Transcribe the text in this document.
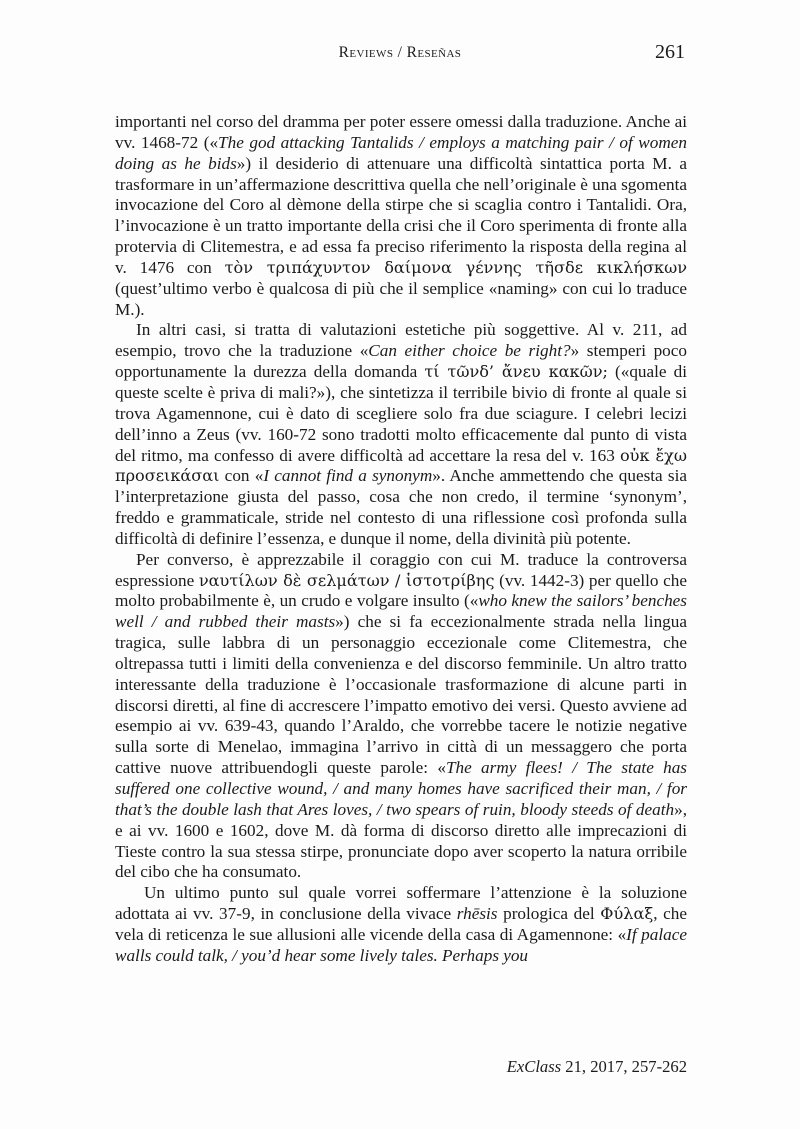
Reviews / Reseñas	261

importanti nel corso del dramma per poter essere omessi dalla traduzione. Anche ai vv. 1468-72 («The god attacking Tantalids / employs a matching pair / of women doing as he bids») il desiderio di attenuare una difficoltà sintattica porta M. a trasformare in un’affermazione descrittiva quella che nell’originale è una sgomenta invocazione del Coro al dèmone della stirpe che si scaglia contro i Tantalidi. Ora, l’invocazione è un tratto importante della crisi che il Coro sperimenta di fronte alla protervia di Clitemestra, e ad essa fa preciso riferimento la risposta della regina al v. 1476 con τὸν τριπάχυντον δαίμονα γέννης τῆσδε κικλήσκων (quest’ultimo verbo è qualcosa di più che il semplice «naming» con cui lo traduce M.).

In altri casi, si tratta di valutazioni estetiche più soggettive. Al v. 211, ad esempio, trovo che la traduzione «Can either choice be right?» stemperi poco opportunamente la durezza della domanda τί τῶνδ’ ἄνευ κακῶν; («quale di queste scelte è priva di mali?»), che sintetizza il terribile bivio di fronte al quale si trova Agamennone, cui è dato di scegliere solo fra due sciagure. I celebri lecizi dell’inno a Zeus (vv. 160-72 sono tradotti molto efficacemente dal punto di vista del ritmo, ma confesso di avere difficoltà ad accettare la resa del v. 163 οὐκ ἔχω προσεικάσαι con «I cannot find a synonym». Anche ammettendo che questa sia l’interpretazione giusta del passo, cosa che non credo, il termine ‘synonym’, freddo e grammaticale, stride nel contesto di una riflessione così profonda sulla difficoltà di definire l’essenza, e dunque il nome, della divinità più potente.

Per converso, è apprezzabile il coraggio con cui M. traduce la controversa espressione ναυτίλων δὲ σελμάτων / ἱστοτρίβης (vv. 1442-3) per quello che molto probabilmente è, un crudo e volgare insulto («who knew the sailors’ benches well / and rubbed their masts») che si fa eccezionalmente strada nella lingua tragica, sulle labbra di un personaggio eccezionale come Clitemestra, che oltrepassa tutti i limiti della convenienza e del discorso femminile. Un altro tratto interessante della traduzione è l’occasionale trasformazione di alcune parti in discorsi diretti, al fine di accrescere l’impatto emotivo dei versi. Questo avviene ad esempio ai vv. 639-43, quando l’Araldo, che vorrebbe tacere le notizie negative sulla sorte di Menelao, immagina l’arrivo in città di un messaggero che porta cattive nuove attribuendogli queste parole: «The army flees! / The state has suffered one collective wound, / and many homes have sacrificed their man, / for that’s the double lash that Ares loves, / two spears of ruin, bloody steeds of death», e ai vv. 1600 e 1602, dove M. dà forma di discorso diretto alle imprecazioni di Tieste contro la sua stessa stirpe, pronunciate dopo aver scoperto la natura orribile del cibo che ha consumato.

Un ultimo punto sul quale vorrei soffermare l’attenzione è la soluzione adottata ai vv. 37-9, in conclusione della vivace rhēsis prologica del Φύλαξ, che vela di reticenza le sue allusioni alle vicende della casa di Agamennone: «If palace walls could talk, / you’d hear some lively tales. Perhaps you

ExClass 21, 2017, 257-262
